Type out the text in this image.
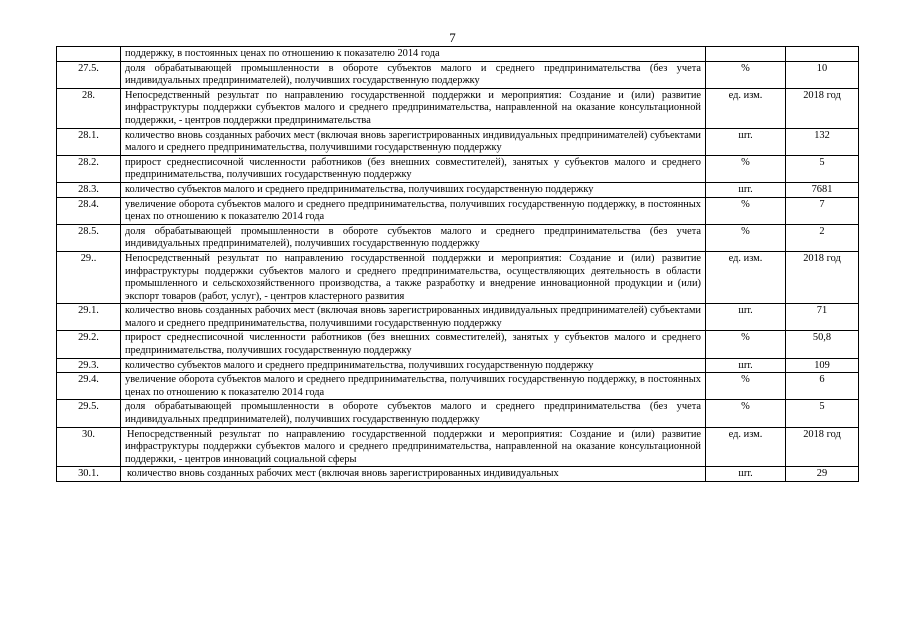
7
	поддержку, в постоянных ценах по отношению к показателю 2014 года		
27.5.	доля обрабатывающей промышленности в обороте субъектов малого и среднего предпринимательства (без учета индивидуальных предпринимателей), получивших государственную поддержку	%	10
28.	Непосредственный результат по направлению государственной поддержки и мероприятия: Создание и (или) развитие инфраструктуры поддержки субъектов малого и среднего предпринимательства, направленной на оказание консультационной поддержки, - центров поддержки предпринимательства	ед. изм.	2018 год
28.1.	количество вновь созданных рабочих мест (включая вновь зарегистрированных индивидуальных предпринимателей) субъектами малого и среднего предпринимательства, получившими государственную поддержку	шт.	132
28.2.	прирост среднесписочной численности работников (без внешних совместителей), занятых у субъектов малого и среднего предпринимательства, получивших государственную поддержку	%	5
28.3.	количество субъектов малого и среднего предпринимательства, получивших государственную поддержку	шт.	7681
28.4.	увеличение оборота субъектов малого и среднего предпринимательства, получивших государственную поддержку, в постоянных ценах по отношению к показателю 2014 года	%	7
28.5.	доля обрабатывающей промышленности в обороте субъектов малого и среднего предпринимательства (без учета индивидуальных предпринимателей), получивших государственную поддержку	%	2
29..	Непосредственный результат по направлению государственной поддержки и мероприятия: Создание и (или) развитие инфраструктуры поддержки субъектов малого и среднего предпринимательства, осуществляющих деятельность в области промышленного и сельскохозяйственного производства, а также разработку и внедрение инновационной продукции и (или) экспорт товаров (работ, услуг), - центров кластерного развития	ед. изм.	2018 год
29.1.	количество вновь созданных рабочих мест (включая вновь зарегистрированных индивидуальных предпринимателей) субъектами малого и среднего предпринимательства, получившими государственную поддержку	шт.	71
29.2.	прирост среднесписочной численности работников (без внешних совместителей), занятых у субъектов малого и среднего предпринимательства, получивших государственную поддержку	%	50,8
29.3.	количество субъектов малого и среднего предпринимательства, получивших государственную поддержку	шт.	109
29.4.	увеличение оборота субъектов малого и среднего предпринимательства, получивших государственную поддержку, в постоянных ценах по отношению к показателю 2014 года	%	6
29.5.	доля обрабатывающей промышленности в обороте субъектов малого и среднего предпринимательства (без учета индивидуальных предпринимателей), получивших государственную поддержку	%	5
30.	Непосредственный результат по направлению государственной поддержки и мероприятия: Создание и (или) развитие инфраструктуры поддержки субъектов малого и среднего предпринимательства, направленной на оказание консультационной поддержки, - центров инноваций социальной сферы	ед. изм.	2018 год
30.1.	количество вновь созданных рабочих мест (включая вновь зарегистрированных индивидуальных	шт.	29
